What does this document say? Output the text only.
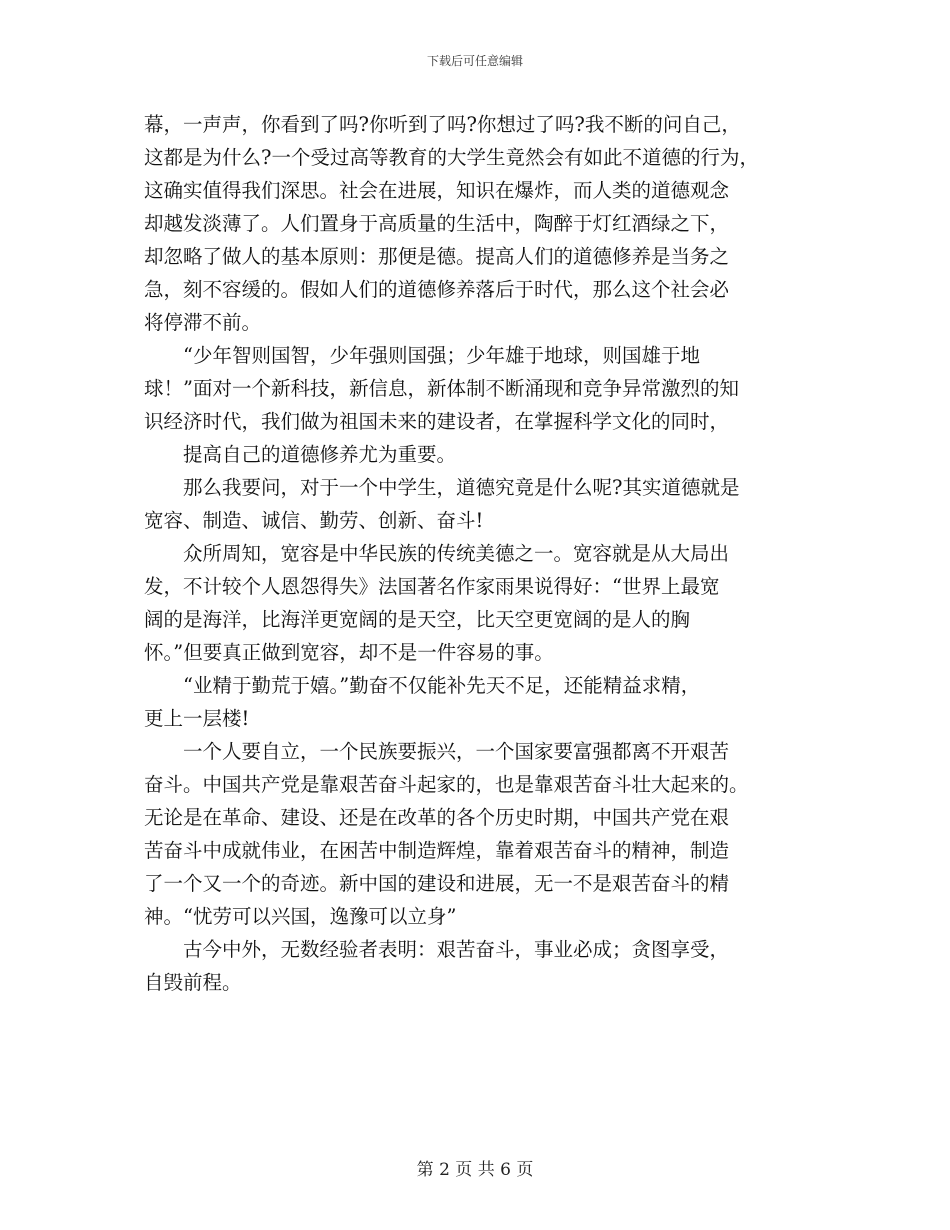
下载后可任意编辑
幕，一声声，你看到了吗?你听到了吗?你想过了吗?我不断的问自己，
这都是为什么?一个受过高等教育的大学生竟然会有如此不道德的行为，
这确实值得我们深思。社会在进展，知识在爆炸，而人类的道德观念
却越发淡薄了。人们置身于高质量的生活中，陶醉于灯红酒绿之下，
却忽略了做人的基本原则：那便是德。提高人们的道德修养是当务之
急，刻不容缓的。假如人们的道德修养落后于时代，那么这个社会必
将停滞不前。
　　“少年智则国智，少年强则国强；少年雄于地球，则国雄于地
球！”面对一个新科技，新信息，新体制不断涌现和竞争异常激烈的知
识经济时代，我们做为祖国未来的建设者，在掌握科学文化的同时，
　　提高自己的道德修养尤为重要。
　　那么我要问，对于一个中学生，道德究竟是什么呢?其实道德就是
宽容、制造、诚信、勤劳、创新、奋斗!
　　众所周知，宽容是中华民族的传统美德之一。宽容就是从大局出
发，不计较个人恩怨得失》法国著名作家雨果说得好：“世界上最宽
阔的是海洋，比海洋更宽阔的是天空，比天空更宽阔的是人的胸
怀。”但要真正做到宽容，却不是一件容易的事。
　　“业精于勤荒于嬉。”勤奋不仅能补先天不足，还能精益求精，
更上一层楼!
　　一个人要自立，一个民族要振兴，一个国家要富强都离不开艰苦
奋斗。中国共产党是靠艰苦奋斗起家的，也是靠艰苦奋斗壮大起来的。
无论是在革命、建设、还是在改革的各个历史时期，中国共产党在艰
苦奋斗中成就伟业，在困苦中制造辉煌，靠着艰苦奋斗的精神，制造
了一个又一个的奇迹。新中国的建设和进展，无一不是艰苦奋斗的精
神。“忧劳可以兴国，逸豫可以立身”
　　古今中外，无数经验者表明：艰苦奋斗，事业必成；贪图享受，
自毁前程。
第 2 页 共 6 页
